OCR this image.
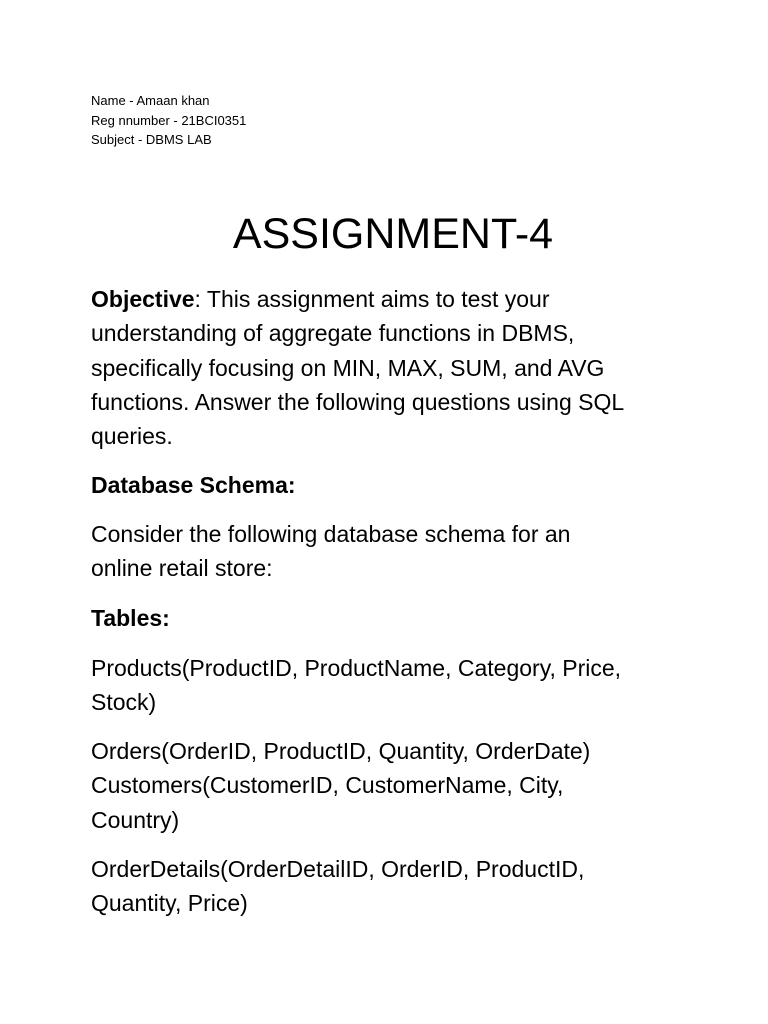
Name - Amaan khan
Reg nnumber - 21BCI0351
Subject - DBMS LAB
ASSIGNMENT-4

Objective: This assignment aims to test your
understanding of aggregate functions in DBMS,
specifically focusing on MIN, MAX, SUM, and AVG
functions. Answer the following questions using SQL
queries.

Database Schema:

Consider the following database schema for an
online retail store:

Tables:

Products(ProductID, ProductName, Category, Price,
Stock)

Orders(OrderID, ProductID, Quantity, OrderDate)
Customers(CustomerID, CustomerName, City,
Country)

OrderDetails(OrderDetailID, OrderID, ProductID,
Quantity, Price)
